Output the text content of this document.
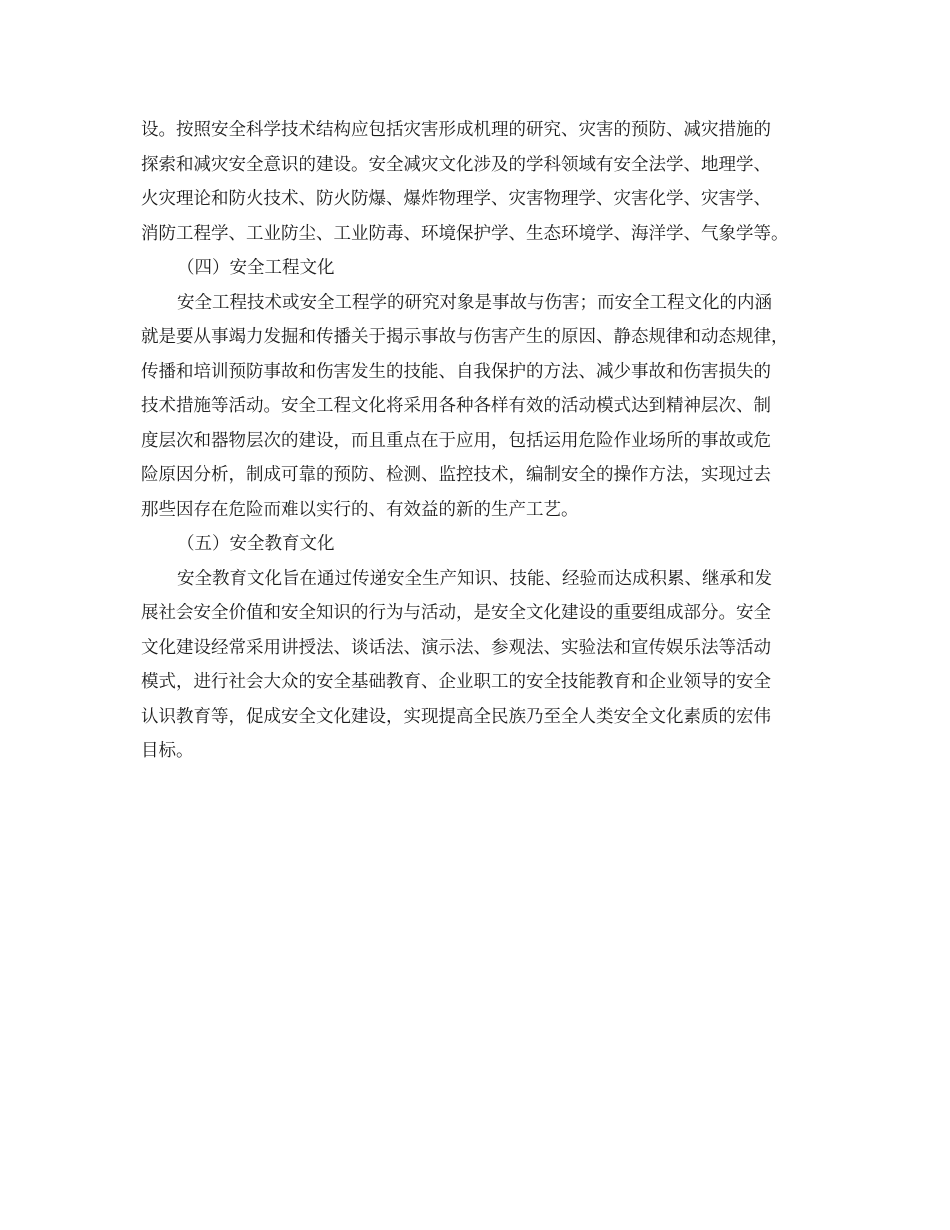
设。按照安全科学技术结构应包括灾害形成机理的研究、灾害的预防、减灾措施的
探索和减灾安全意识的建设。安全减灾文化涉及的学科领域有安全法学、地理学、
火灾理论和防火技术、防火防爆、爆炸物理学、灾害物理学、灾害化学、灾害学、
消防工程学、工业防尘、工业防毒、环境保护学、生态环境学、海洋学、气象学等。
（四）安全工程文化
安全工程技术或安全工程学的研究对象是事故与伤害；而安全工程文化的内涵
就是要从事竭力发掘和传播关于揭示事故与伤害产生的原因、静态规律和动态规律，
传播和培训预防事故和伤害发生的技能、自我保护的方法、减少事故和伤害损失的
技术措施等活动。安全工程文化将采用各种各样有效的活动模式达到精神层次、制
度层次和器物层次的建设，而且重点在于应用，包括运用危险作业场所的事故或危
险原因分析，制成可靠的预防、检测、监控技术，编制安全的操作方法，实现过去
那些因存在危险而难以实行的、有效益的新的生产工艺。
（五）安全教育文化
安全教育文化旨在通过传递安全生产知识、技能、经验而达成积累、继承和发
展社会安全价值和安全知识的行为与活动，是安全文化建设的重要组成部分。安全
文化建设经常采用讲授法、谈话法、演示法、参观法、实验法和宣传娱乐法等活动
模式，进行社会大众的安全基础教育、企业职工的安全技能教育和企业领导的安全
认识教育等，促成安全文化建设，实现提高全民族乃至全人类安全文化素质的宏伟
目标。
